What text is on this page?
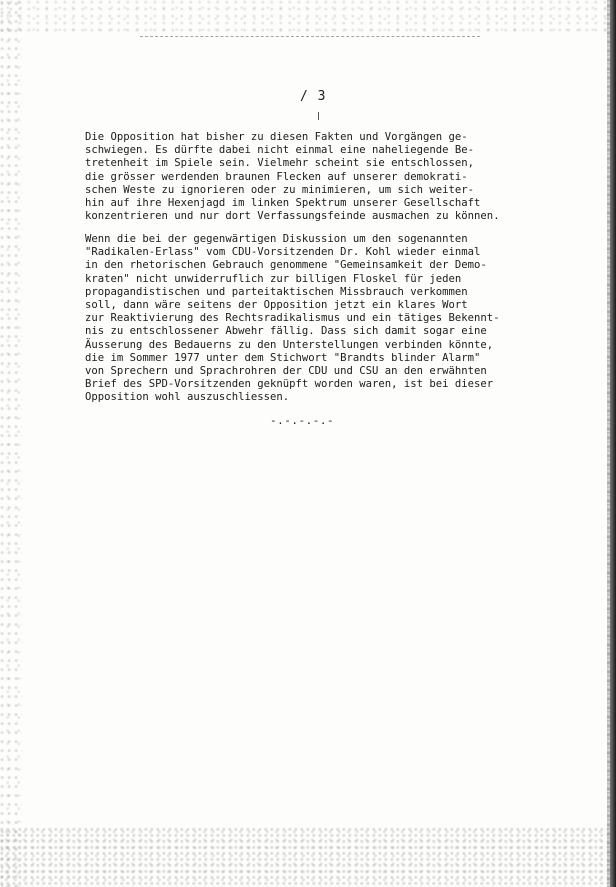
/ 3

Die Opposition hat bisher zu diesen Fakten und Vorgängen ge-
schwiegen. Es dürfte dabei nicht einmal eine naheliegende Be-
tretenheit im Spiele sein. Vielmehr scheint sie entschlossen,
die grösser werdenden braunen Flecken auf unserer demokrati-
schen Weste zu ignorieren oder zu minimieren, um sich weiter-
hin auf ihre Hexenjagd im linken Spektrum unserer Gesellschaft
konzentrieren und nur dort Verfassungsfeinde ausmachen zu können.

Wenn die bei der gegenwärtigen Diskussion um den sogenannten
"Radikalen-Erlass" vom CDU-Vorsitzenden Dr. Kohl wieder einmal
in den rhetorischen Gebrauch genommene "Gemeinsamkeit der Demo-
kraten" nicht unwiderruflich zur billigen Floskel für jeden
propagandistischen und parteitaktischen Missbrauch verkommen
soll, dann wäre seitens der Opposition jetzt ein klares Wort
zur Reaktivierung des Rechtsradikalismus und ein tätiges Bekennt-
nis zu entschlossener Abwehr fällig. Dass sich damit sogar eine
Äusserung des Bedauerns zu den Unterstellungen verbinden könnte,
die im Sommer 1977 unter dem Stichwort "Brandts blinder Alarm"
von Sprechern und Sprachrohren der CDU und CSU an den erwähnten
Brief des SPD-Vorsitzenden geknüpft worden waren, ist bei dieser
Opposition wohl auszuschliessen.

-.-.-.-.-
